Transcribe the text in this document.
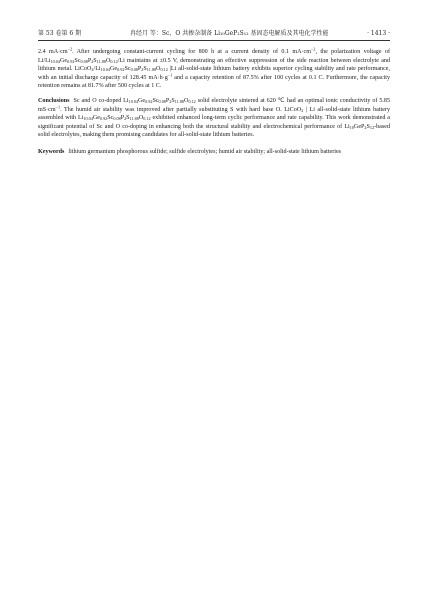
第 53 卷第 6 期	冉经月 等：Sc、O 共掺杂制备 Li₁₀GeP₂S₁₂ 基固态电解质及其电化学性能	· 1413 ·

2.4 $mA\cdot cm^{-2}$. After undergoing constant-current cycling for 800 h at a current density of 0.1 $mA\cdot cm^{-2}$, the polarization voltage of $Li/Li_{10.04}Ge_{0.92}Sc_{0.08}P_2S_{11.88}O_{0.12}/Li$ maintains at ±0.5 V, demonstrating an effective suppression of the side reaction between electrolyte and lithium metal. $LiCoO_2/Li_{10.04}Ge_{0.92}Sc_{0.08}P_2S_{11.88}O_{0.12}$ |Li all-solid-state lithium battery exhibits superior cycling stability and rate performance, with an initial discharge capacity of 128.45 $mA\cdot h\cdot g^{-1}$ and a capacity retention of 87.5% after 100 cycles at 0.1 C. Furthermore, the capacity retention remains at 81.7% after 500 cycles at 1 C.

Conclusions Sc and O co-doped $Li_{10.04}Ge_{0.92}Sc_{0.08}P_2S_{11.88}O_{0.12}$ solid electrolyte sintered at 620 ℃ had an optimal ionic conductivity of 5.85 $mS\cdot cm^{-1}$. The humid air stability was improved after partially substituting S with hard base O. LiCoO$_2$ | Li all-solid-state lithium battery assembled with $Li_{10.04}Ge_{0.92}Sc_{0.08}P_2S_{11.88}O_{0.12}$ exhibited enhanced long-term cyclic performance and rate capability. This work demonstrated a significant potential of Sc and O co-doping in enhancing both the structural stability and electrochemical performance of $Li_{10}GeP_2S_{12}$-based solid electrolytes, making them promising candidates for all-solid-state lithium batteries.

Keywords lithium germanium phosphorous sulfide; sulfide electrolytes; humid air stability; all-solid-state lithium batteries
